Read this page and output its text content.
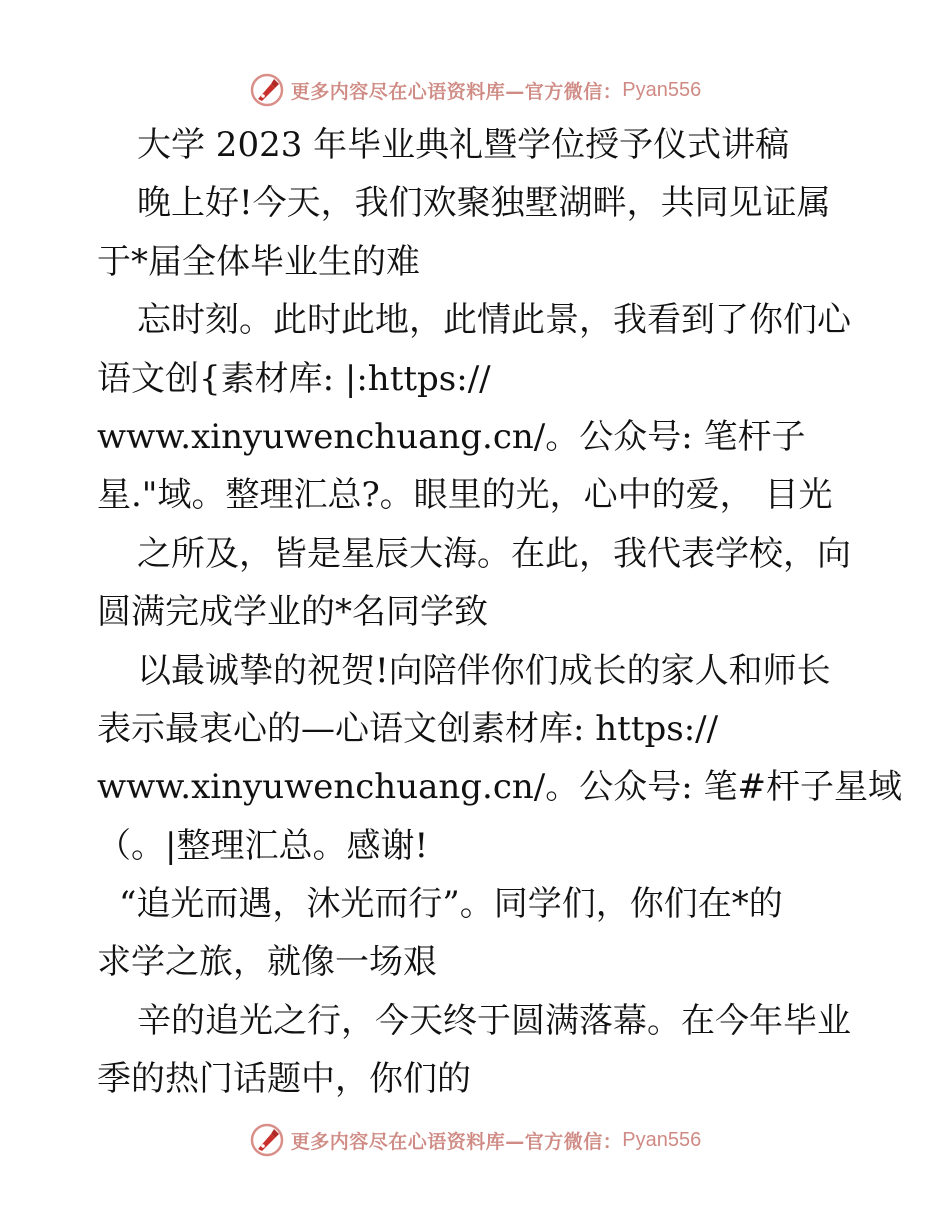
更多内容尽在心语资料库—官方微信： Pyan556
大学 2023 年毕业典礼暨学位授予仪式讲稿
晚上好!今天，我们欢聚独墅湖畔，共同见证属
于*届全体毕业生的难
忘时刻。此时此地，此情此景，我看到了你们心
语文创{素材库: |:https://
www.xinyuwenchuang.cn/。公众号: 笔杆子
星."域。整理汇总?。眼里的光，心中的爱， 目光
之所及，皆是星辰大海。在此，我代表学校，向
圆满完成学业的*名同学致
以最诚挚的祝贺!向陪伴你们成长的家人和师长
表示最衷心的—心语文创素材库: https://
www.xinyuwenchuang.cn/。公众号: 笔#杆子星域
（。|整理汇总。感谢!
“追光而遇，沐光而行”。同学们，你们在*的
求学之旅，就像一场艰
辛的追光之行，今天终于圆满落幕。在今年毕业
季的热门话题中，你们的
更多内容尽在心语资料库—官方微信： Pyan556
